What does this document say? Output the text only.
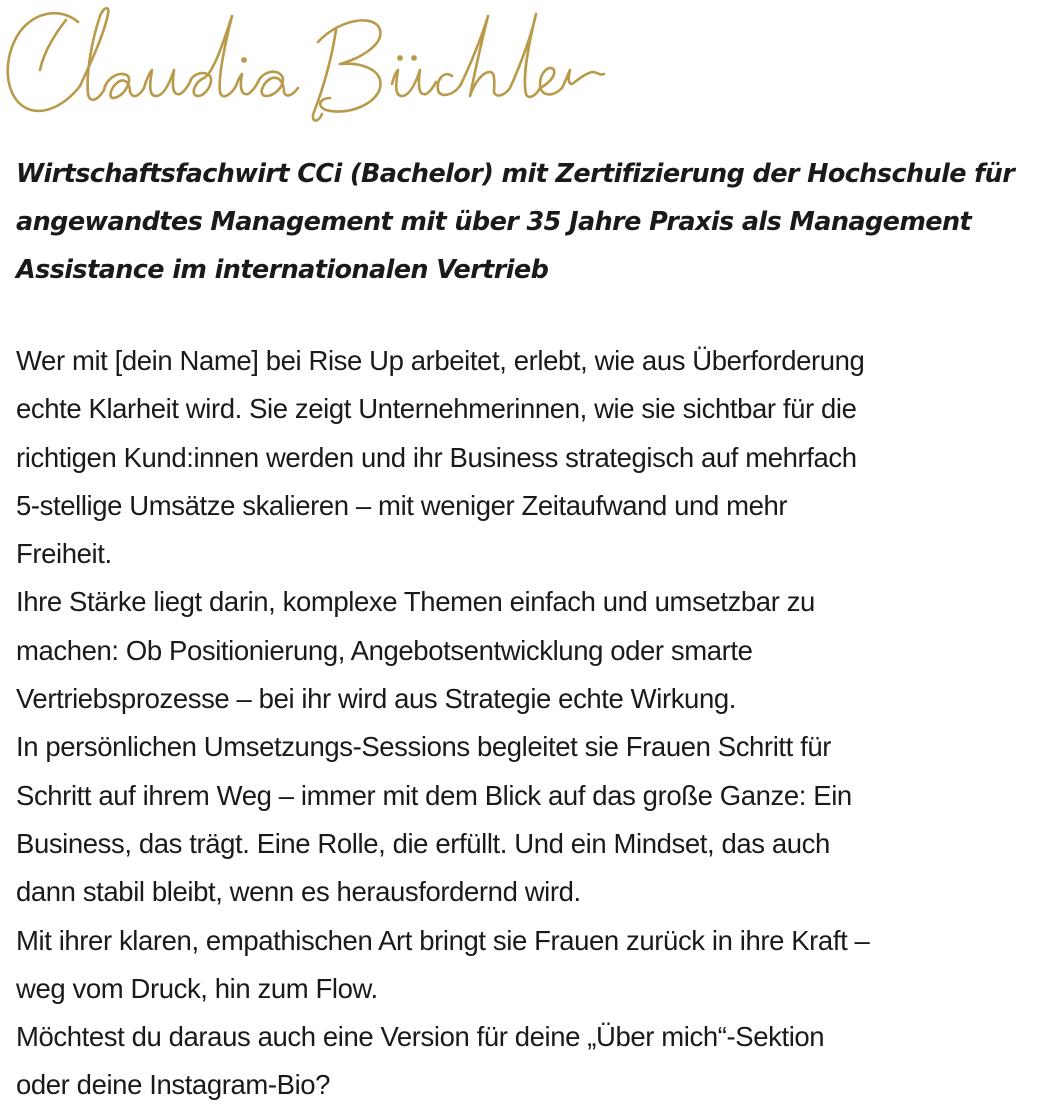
Wirtschaftsfachwirt CCi (Bachelor) mit Zertifizierung der Hochschule für
angewandtes Management mit über 35 Jahre Praxis als Management
Assistance im internationalen Vertrieb

Wer mit [dein Name] bei Rise Up arbeitet, erlebt, wie aus Überforderung
echte Klarheit wird. Sie zeigt Unternehmerinnen, wie sie sichtbar für die
richtigen Kund:innen werden und ihr Business strategisch auf mehrfach
5-stellige Umsätze skalieren – mit weniger Zeitaufwand und mehr
Freiheit.

Ihre Stärke liegt darin, komplexe Themen einfach und umsetzbar zu
machen: Ob Positionierung, Angebotsentwicklung oder smarte
Vertriebsprozesse – bei ihr wird aus Strategie echte Wirkung.

In persönlichen Umsetzungs-Sessions begleitet sie Frauen Schritt für
Schritt auf ihrem Weg – immer mit dem Blick auf das große Ganze: Ein
Business, das trägt. Eine Rolle, die erfüllt. Und ein Mindset, das auch
dann stabil bleibt, wenn es herausfordernd wird.

Mit ihrer klaren, empathischen Art bringt sie Frauen zurück in ihre Kraft –
weg vom Druck, hin zum Flow.

Möchtest du daraus auch eine Version für deine „Über mich“-Sektion
oder deine Instagram-Bio?
